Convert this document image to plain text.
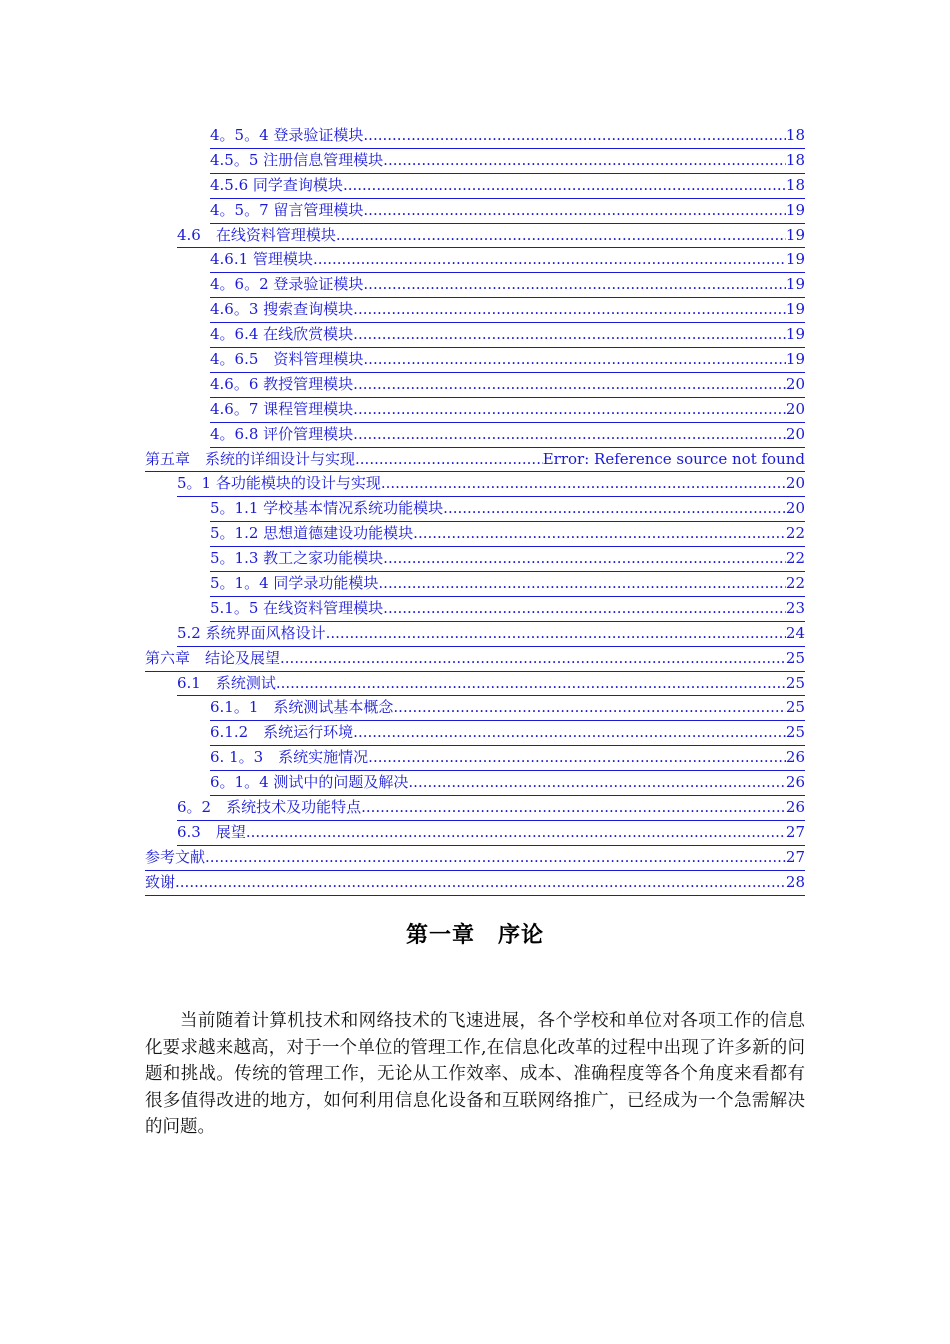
4。5。4 登录验证模块 .....	18
4.5。5 注册信息管理模块 .....	18
4.5.6 同学查询模块 .....	18
4。5。7 留言管理模块 .....	19
4.6　在线资料管理模块 .....	19
4.6.1 管理模块 .....	19
4。6。2 登录验证模块 .....	19
4.6。3 搜索查询模块 .....	19
4。6.4 在线欣赏模块 .....	19
4。6.5　资料管理模块 .....	19
4.6。6 教授管理模块 .....	20
4.6。7 课程管理模块 .....	20
4。6.8 评价管理模块 .....	20
第五章　系统的详细设计与实现 .....	Error: Reference source not found
5。1 各功能模块的设计与实现 .....	20
5。1.1 学校基本情况系统功能模块 .....	20
5。1.2 思想道德建设功能模块 .....	22
5。1.3 教工之家功能模块 .....	22
5。1。4 同学录功能模块 .....	22
5.1。5 在线资料管理模块 .....	23
5.2 系统界面风格设计 .....	24
第六章　结论及展望 .....	25
6.1　系统测试 .....	25
6.1。1　系统测试基本概念 .....	25
6.1.2　系统运行环境 .....	25
6. 1。3　系统实施情况 .....	26
6。1。4 测试中的问题及解决 .....	26
6。2　系统技术及功能特点 .....	26
6.3　展望 .....	27
参考文献 .....	27
致谢 .....	28
第一章　序论

当前随着计算机技术和网络技术的飞速进展，各个学校和单位对各项工作的信息化要求越来越高，对于一个单位的管理工作,在信息化改革的过程中出现了许多新的问题和挑战。传统的管理工作，无论从工作效率、成本、准确程度等各个角度来看都有很多值得改进的地方，如何利用信息化设备和互联网络推广，已经成为一个急需解决的问题。
